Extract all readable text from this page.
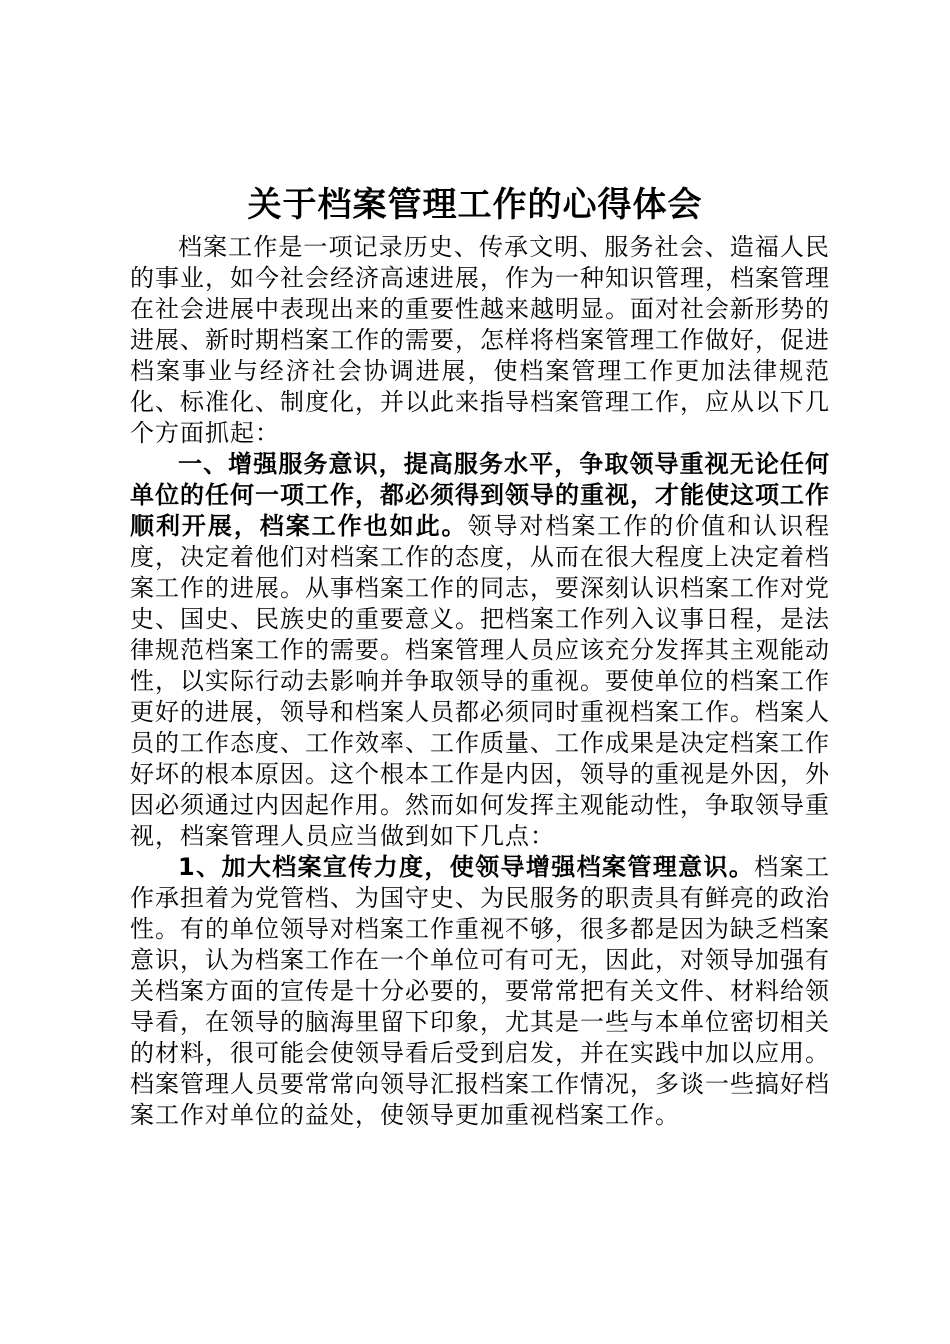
关于档案管理工作的心得体会

档案工作是一项记录历史、传承文明、服务社会、造福人民的事业，如今社会经济高速进展，作为一种知识管理，档案管理在社会进展中表现出来的重要性越来越明显。面对社会新形势的进展、新时期档案工作的需要，怎样将档案管理工作做好，促进档案事业与经济社会协调进展，使档案管理工作更加法律规范化、标准化、制度化，并以此来指导档案管理工作，应从以下几个方面抓起：

一、增强服务意识，提高服务水平，争取领导重视无论任何单位的任何一项工作，都必须得到领导的重视，才能使这项工作顺利开展，档案工作也如此。领导对档案工作的价值和认识程度，决定着他们对档案工作的态度，从而在很大程度上决定着档案工作的进展。从事档案工作的同志，要深刻认识档案工作对党史、国史、民族史的重要意义。把档案工作列入议事日程，是法律规范档案工作的需要。档案管理人员应该充分发挥其主观能动性，以实际行动去影响并争取领导的重视。要使单位的档案工作更好的进展，领导和档案人员都必须同时重视档案工作。档案人员的工作态度、工作效率、工作质量、工作成果是决定档案工作好坏的根本原因。这个根本工作是内因，领导的重视是外因，外因必须通过内因起作用。然而如何发挥主观能动性，争取领导重视，档案管理人员应当做到如下几点：

1、加大档案宣传力度，使领导增强档案管理意识。档案工作承担着为党管档、为国守史、为民服务的职责具有鲜亮的政治性。有的单位领导对档案工作重视不够，很多都是因为缺乏档案意识，认为档案工作在一个单位可有可无，因此，对领导加强有关档案方面的宣传是十分必要的，要常常把有关文件、材料给领导看，在领导的脑海里留下印象，尤其是一些与本单位密切相关的材料，很可能会使领导看后受到启发，并在实践中加以应用。档案管理人员要常常向领导汇报档案工作情况，多谈一些搞好档案工作对单位的益处，使领导更加重视档案工作。
